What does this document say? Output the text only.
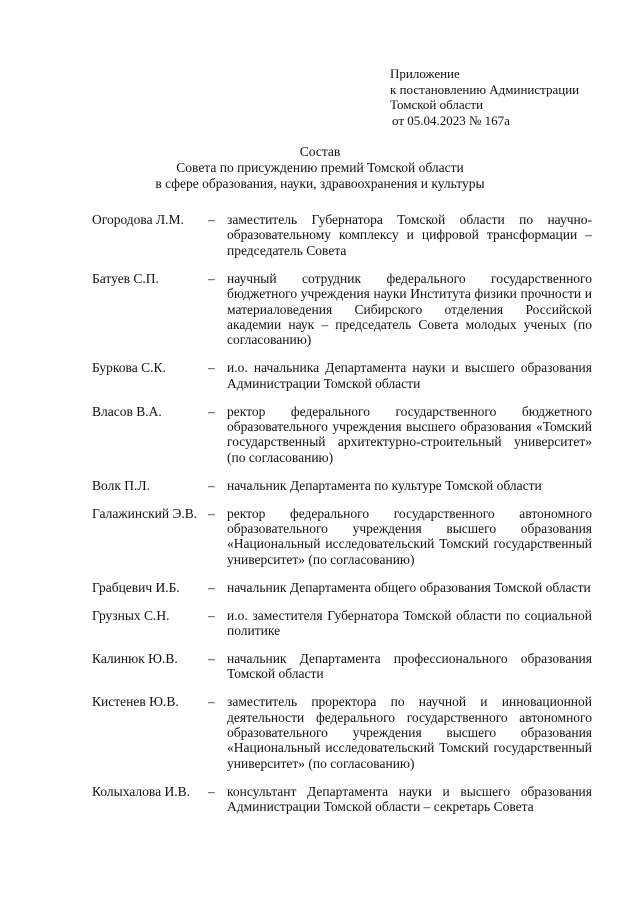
Приложение
к постановлению Администрации
Томской области
от 05.04.2023 № 167а
Состав
Совета по присуждению премий Томской области
в сфере образования, науки, здравоохранения и культуры
Огородова Л.М.	– заместитель Губернатора Томской области по научно-образовательному комплексу и цифровой трансформации – председатель Совета
Батуев С.П.	– научный сотрудник федерального государственного бюджетного учреждения науки Института физики прочности и материаловедения Сибирского отделения Российской академии наук – председатель Совета молодых ученых (по согласованию)
Буркова С.К.	– и.о. начальника Департамента науки и высшего образования Администрации Томской области
Власов В.А.	– ректор федерального государственного бюджетного образовательного учреждения высшего образования «Томский государственный архитектурно-строительный университет» (по согласованию)
Волк П.Л.	– начальник Департамента по культуре Томской области
Галажинский Э.В. – ректор федерального государственного автономного образовательного учреждения высшего образования «Национальный исследовательский Томский государственный университет» (по согласованию)
Грабцевич И.Б.	– начальник Департамента общего образования Томской области
Грузных С.Н.	– и.о. заместителя Губернатора Томской области по социальной политике
Калинюк Ю.В.	– начальник Департамента профессионального образования Томской области
Кистенев Ю.В.	– заместитель проректора по научной и инновационной деятельности федерального государственного автономного образовательного учреждения высшего образования «Национальный исследовательский Томский государственный университет» (по согласованию)
Колыхалова И.В.	– консультант Департамента науки и высшего образования Администрации Томской области – секретарь Совета
